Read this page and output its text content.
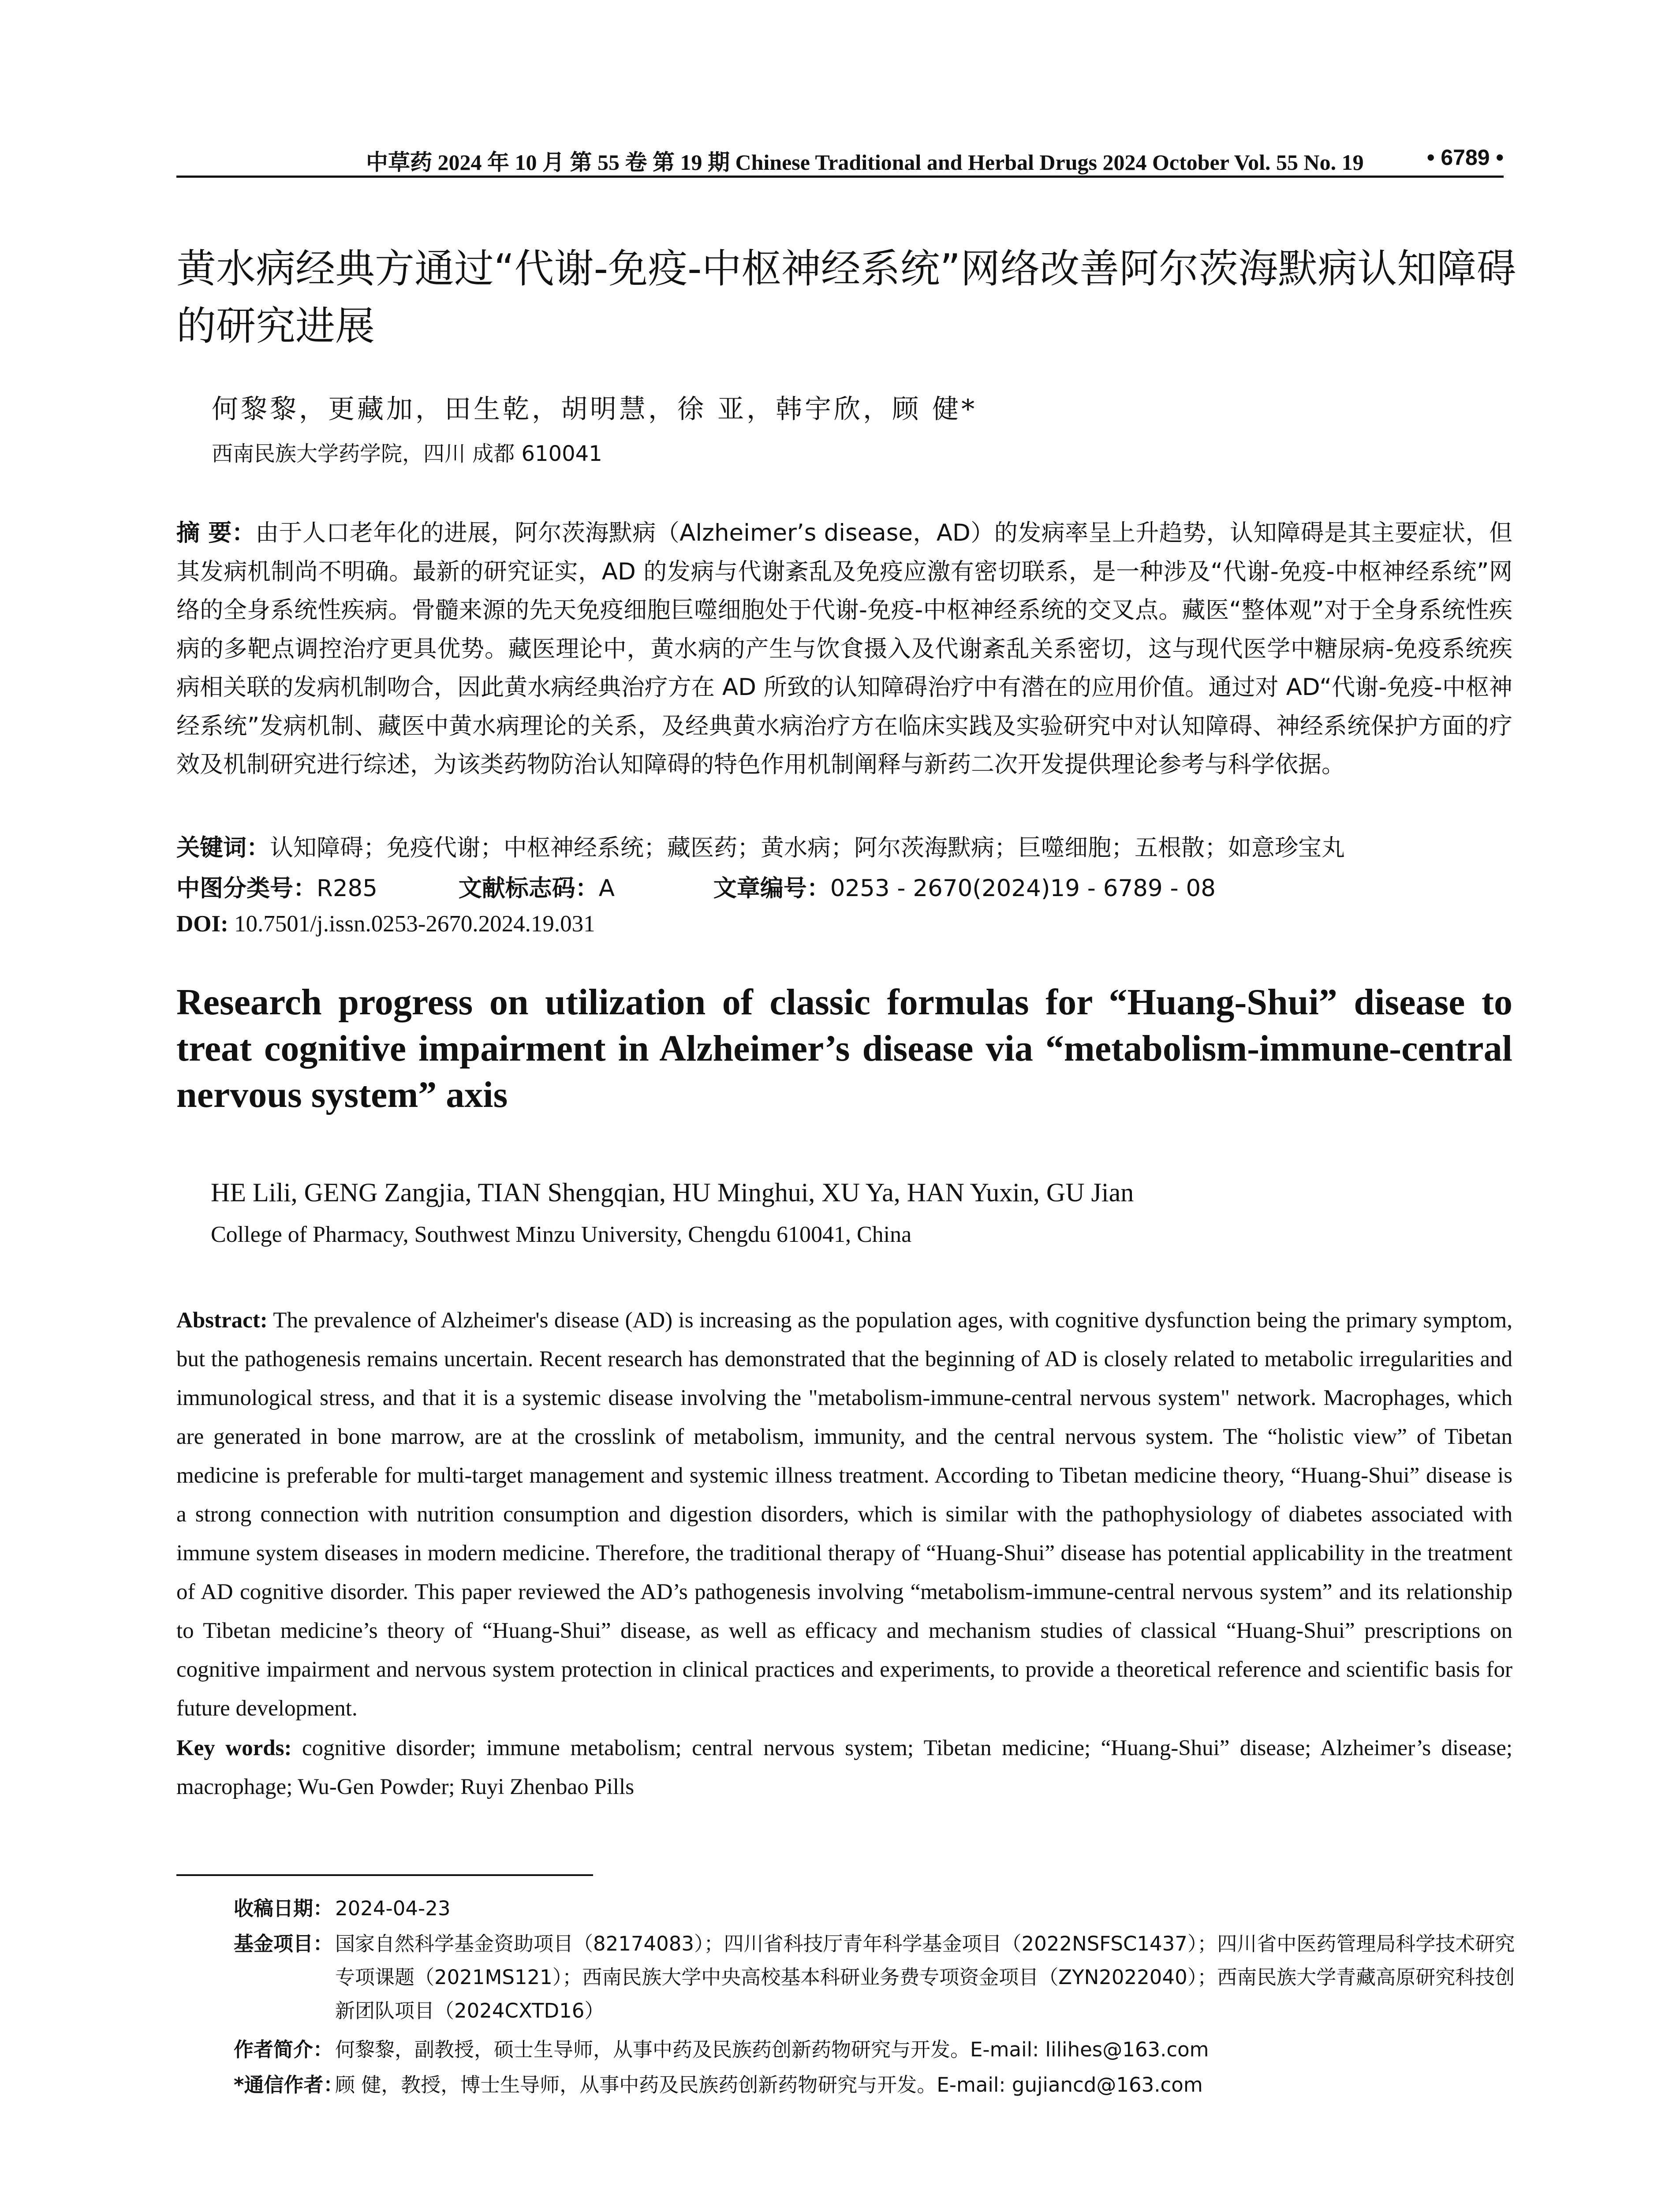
中草药 2024 年 10 月 第 55 卷 第 19 期 Chinese Traditional and Herbal Drugs 2024 October Vol. 55 No. 19	• 6789 •
黄水病经典方通过“代谢-免疫-中枢神经系统”网络改善阿尔茨海默病认知障碍的研究进展
何黎黎，更藏加，田生乾，胡明慧，徐 亚，韩宇欣，顾 健*
西南民族大学药学院，四川 成都 610041
摘 要：由于人口老年化的进展，阿尔茨海默病（Alzheimer’s disease，AD）的发病率呈上升趋势，认知障碍是其主要症状，但其发病机制尚不明确。最新的研究证实，AD 的发病与代谢紊乱及免疫应激有密切联系，是一种涉及“代谢-免疫-中枢神经系统”网络的全身系统性疾病。骨髓来源的先天免疫细胞巨噬细胞处于代谢-免疫-中枢神经系统的交叉点。藏医“整体观”对于全身系统性疾病的多靶点调控治疗更具优势。藏医理论中，黄水病的产生与饮食摄入及代谢紊乱关系密切，这与现代医学中糖尿病-免疫系统疾病相关联的发病机制吻合，因此黄水病经典治疗方在 AD 所致的认知障碍治疗中有潜在的应用价值。通过对 AD“代谢-免疫-中枢神经系统”发病机制、藏医中黄水病理论的关系，及经典黄水病治疗方在临床实践及实验研究中对认知障碍、神经系统保护方面的疗效及机制研究进行综述，为该类药物防治认知障碍的特色作用机制阐释与新药二次开发提供理论参考与科学依据。
关键词：认知障碍；免疫代谢；中枢神经系统；藏医药；黄水病；阿尔茨海默病；巨噬细胞；五根散；如意珍宝丸
中图分类号：R285	文献标志码：A	文章编号：0253 - 2670(2024)19 - 6789 - 08
DOI: 10.7501/j.issn.0253-2670.2024.19.031
Research progress on utilization of classic formulas for “Huang-Shui” disease to treat cognitive impairment in Alzheimer’s disease via “metabolism-immune-central nervous system” axis
HE Lili, GENG Zangjia, TIAN Shengqian, HU Minghui, XU Ya, HAN Yuxin, GU Jian
College of Pharmacy, Southwest Minzu University, Chengdu 610041, China
Abstract: The prevalence of Alzheimer's disease (AD) is increasing as the population ages, with cognitive dysfunction being the primary symptom, but the pathogenesis remains uncertain. Recent research has demonstrated that the beginning of AD is closely related to metabolic irregularities and immunological stress, and that it is a systemic disease involving the "metabolism-immune-central nervous system" network. Macrophages, which are generated in bone marrow, are at the crosslink of metabolism, immunity, and the central nervous system. The “holistic view” of Tibetan medicine is preferable for multi-target management and systemic illness treatment. According to Tibetan medicine theory, “Huang-Shui” disease is a strong connection with nutrition consumption and digestion disorders, which is similar with the pathophysiology of diabetes associated with immune system diseases in modern medicine. Therefore, the traditional therapy of “Huang-Shui” disease has potential applicability in the treatment of AD cognitive disorder. This paper reviewed the AD’s pathogenesis involving “metabolism-immune-central nervous system” and its relationship to Tibetan medicine’s theory of “Huang-Shui” disease, as well as efficacy and mechanism studies of classical “Huang-Shui” prescriptions on cognitive impairment and nervous system protection in clinical practices and experiments, to provide a theoretical reference and scientific basis for future development.
Key words: cognitive disorder; immune metabolism; central nervous system; Tibetan medicine; “Huang-Shui” disease; Alzheimer’s disease; macrophage; Wu-Gen Powder; Ruyi Zhenbao Pills
收稿日期： 2024-04-23
基金项目： 国家自然科学基金资助项目（82174083）；四川省科技厅青年科学基金项目（2022NSFSC1437）；四川省中医药管理局科学技术研究专项课题（2021MS121）；西南民族大学中央高校基本科研业务费专项资金项目（ZYN2022040）；西南民族大学青藏高原研究科技创新团队项目（2024CXTD16）
作者简介： 何黎黎，副教授，硕士生导师，从事中药及民族药创新药物研究与开发。E-mail: lilihes@163.com
*通信作者：
顾 健，教授，博士生导师，从事中药及民族药创新药物研究与开发。E-mail: gujiancd@163.com
